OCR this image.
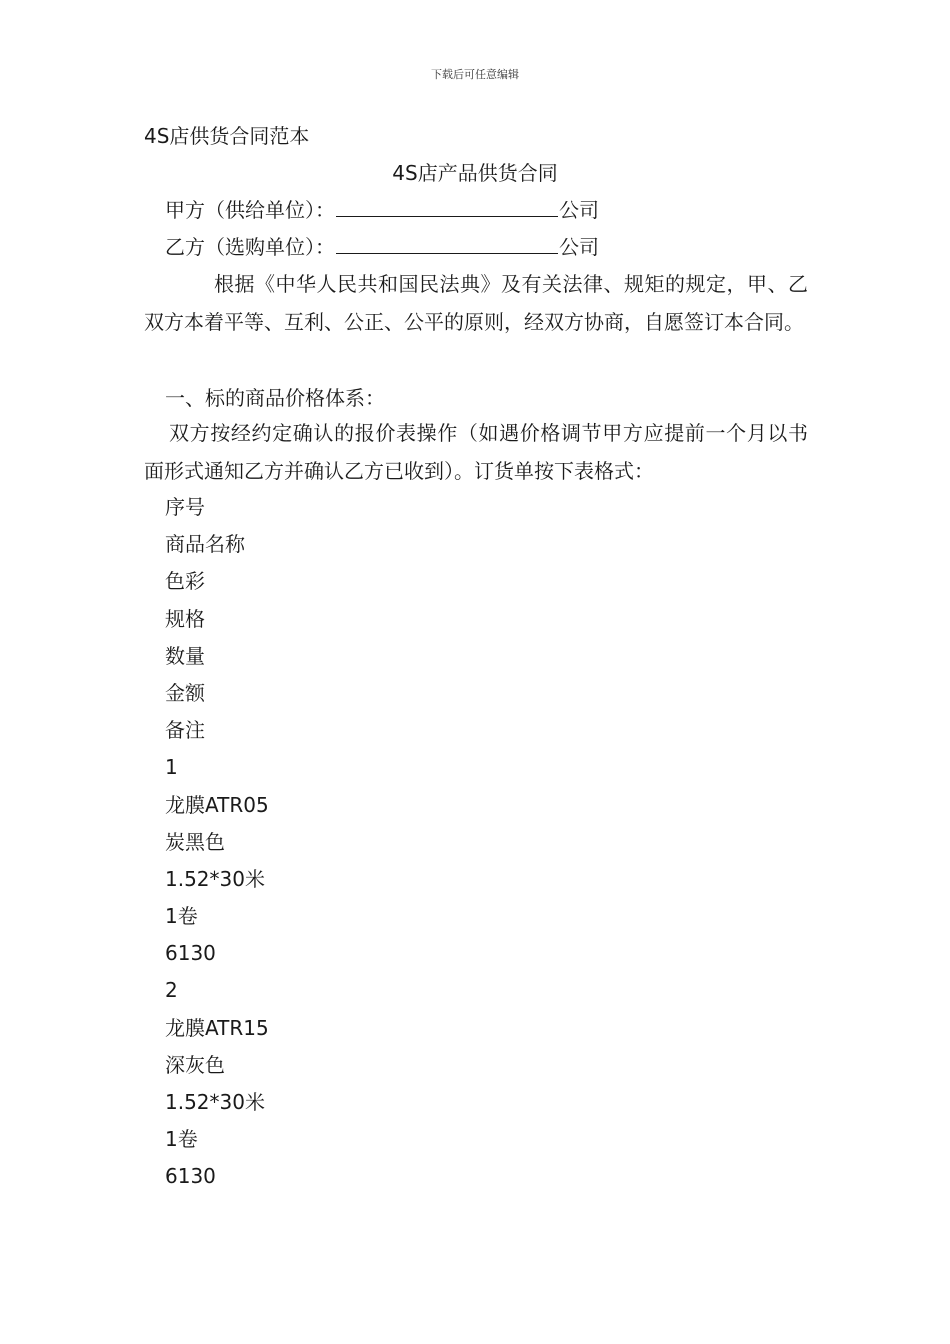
下载后可任意编辑
4S店供货合同范本
4S店产品供货合同
甲方（供给单位）：	公司
乙方（选购单位）：	公司
根据《中华人民共和国民法典》及有关法律、规矩的规定，甲、乙双方本着平等、互利、公正、公平的原则，经双方协商，自愿签订本合同。
一、标的商品价格体系：
双方按经约定确认的报价表操作（如遇价格调节甲方应提前一个月以书面形式通知乙方并确认乙方已收到）。订货单按下表格式：
序号
商品名称
色彩
规格
数量
金额
备注
1
龙膜ATR05
炭黑色
1.52*30米
1卷
6130
2
龙膜ATR15
深灰色
1.52*30米
1卷
6130
